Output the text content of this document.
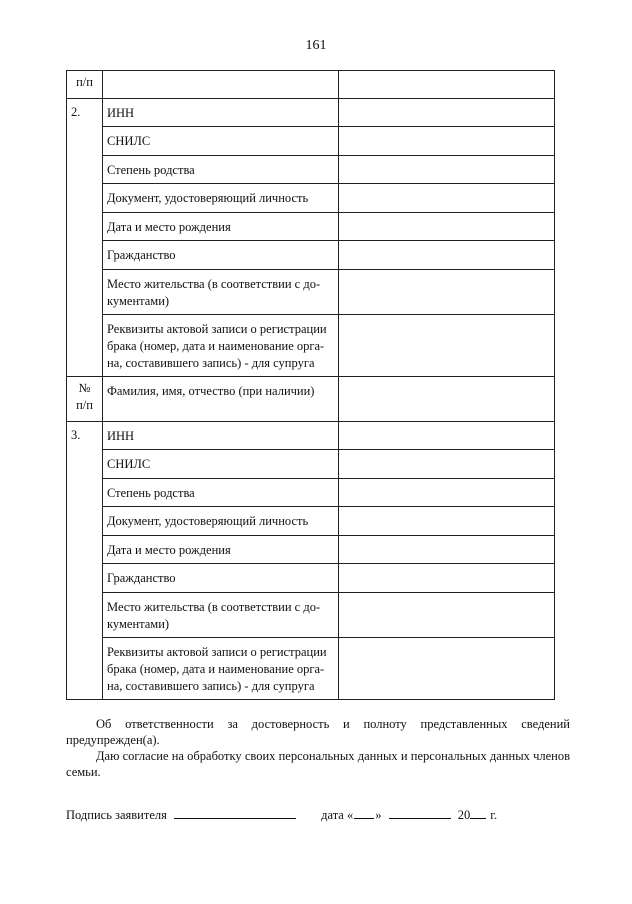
161
п/п		
2.	ИНН	
	СНИЛС	
	Степень родства	
	Документ, удостоверяющий личность	
	Дата и место рождения	
	Гражданство	
	Место жительства (в соответствии с до-
кументами)	
	Реквизиты актовой записи о регистрации
брака (номер, дата и наименование орга-
на, составившего запись) - для супруга	
№
п/п	Фамилия, имя, отчество (при наличии)	
3.	ИНН	
	СНИЛС	
	Степень родства	
	Документ, удостоверяющий личность	
	Дата и место рождения	
	Гражданство	
	Место жительства (в соответствии с до-
кументами)	
	Реквизиты актовой записи о регистрации
брака (номер, дата и наименование орга-
на, составившего запись) - для супруга	

Об ответственности за достоверность и полноту представленных сведений предупрежден(а).

Даю согласие на обработку своих персональных данных и персональных данных членов семьи.

Подпись заявителя	дата « »	20 г.
